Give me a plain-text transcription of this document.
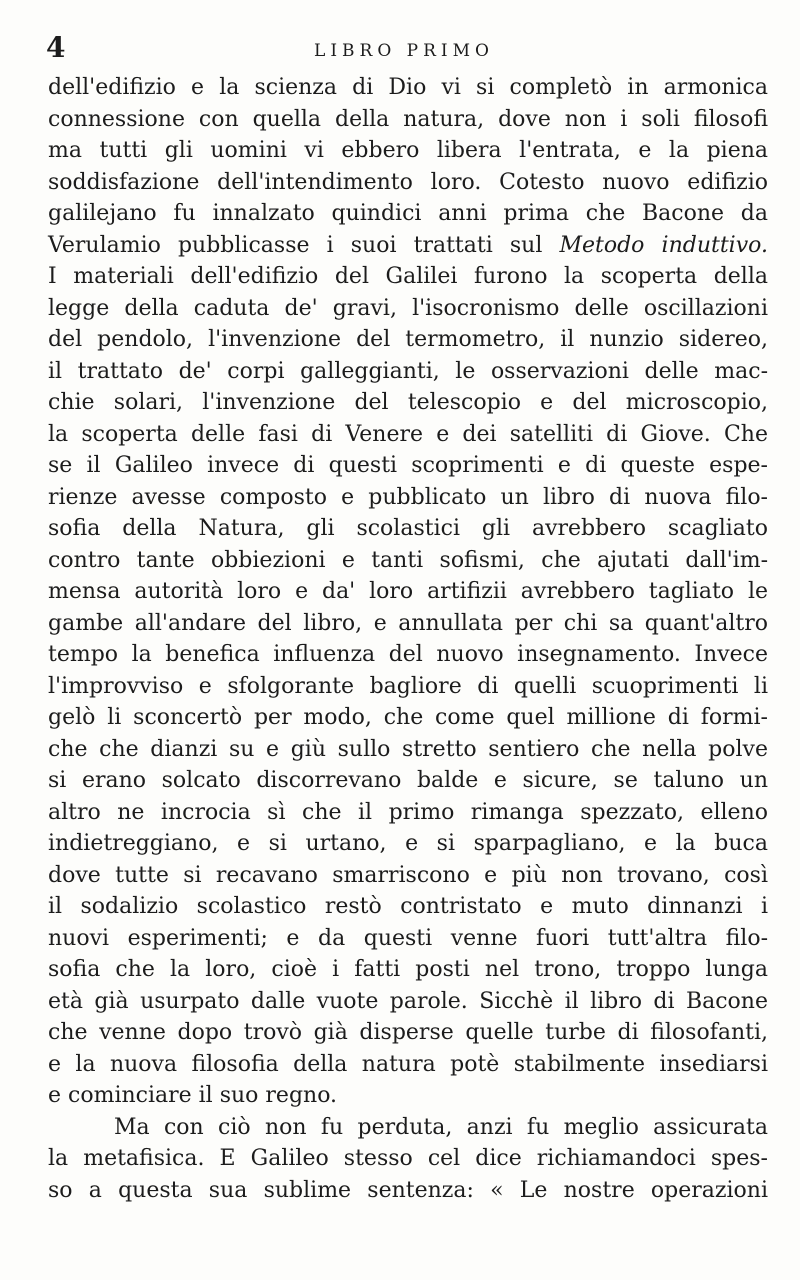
4	LIBRO PRIMO
dell'edifizio e la scienza di Dio vi si completò in armonica
connessione con quella della natura, dove non i soli filosofi
ma tutti gli uomini vi ebbero libera l'entrata, e la piena
soddisfazione dell'intendimento loro. Cotesto nuovo edifizio
galilejano fu innalzato quindici anni prima che Bacone da
Verulamio pubblicasse i suoi trattati sul Metodo induttivo.
I materiali dell'edifizio del Galilei furono la scoperta della
legge della caduta de' gravi, l'isocronismo delle oscillazioni
del pendolo, l'invenzione del termometro, il nunzio sidereo,
il trattato de' corpi galleggianti, le osservazioni delle mac-
chie solari, l'invenzione del telescopio e del microscopio,
la scoperta delle fasi di Venere e dei satelliti di Giove. Che
se il Galileo invece di questi scoprimenti e di queste espe-
rienze avesse composto e pubblicato un libro di nuova filo-
sofia della Natura, gli scolastici gli avrebbero scagliato
contro tante obbiezioni e tanti sofismi, che ajutati dall'im-
mensa autorità loro e da' loro artifizii avrebbero tagliato le
gambe all'andare del libro, e annullata per chi sa quant'altro
tempo la benefica influenza del nuovo insegnamento. Invece
l'improvviso e sfolgorante bagliore di quelli scuoprimenti li
gelò li sconcertò per modo, che come quel millione di formi-
che che dianzi su e giù sullo stretto sentiero che nella polve
si erano solcato discorrevano balde e sicure, se taluno un
altro ne incrocia sì che il primo rimanga spezzato, elleno
indietreggiano, e si urtano, e si sparpagliano, e la buca
dove tutte si recavano smarriscono e più non trovano, così
il sodalizio scolastico restò contristato e muto dinnanzi i
nuovi esperimenti; e da questi venne fuori tutt'altra filo-
sofia che la loro, cioè i fatti posti nel trono, troppo lunga
età già usurpato dalle vuote parole. Sicchè il libro di Bacone
che venne dopo trovò già disperse quelle turbe di filosofanti,
e la nuova filosofia della natura potè stabilmente insediarsi
e cominciare il suo regno.
Ma con ciò non fu perduta, anzi fu meglio assicurata
la metafisica. E Galileo stesso cel dice richiamandoci spes-
so a questa sua sublime sentenza: « Le nostre operazioni
